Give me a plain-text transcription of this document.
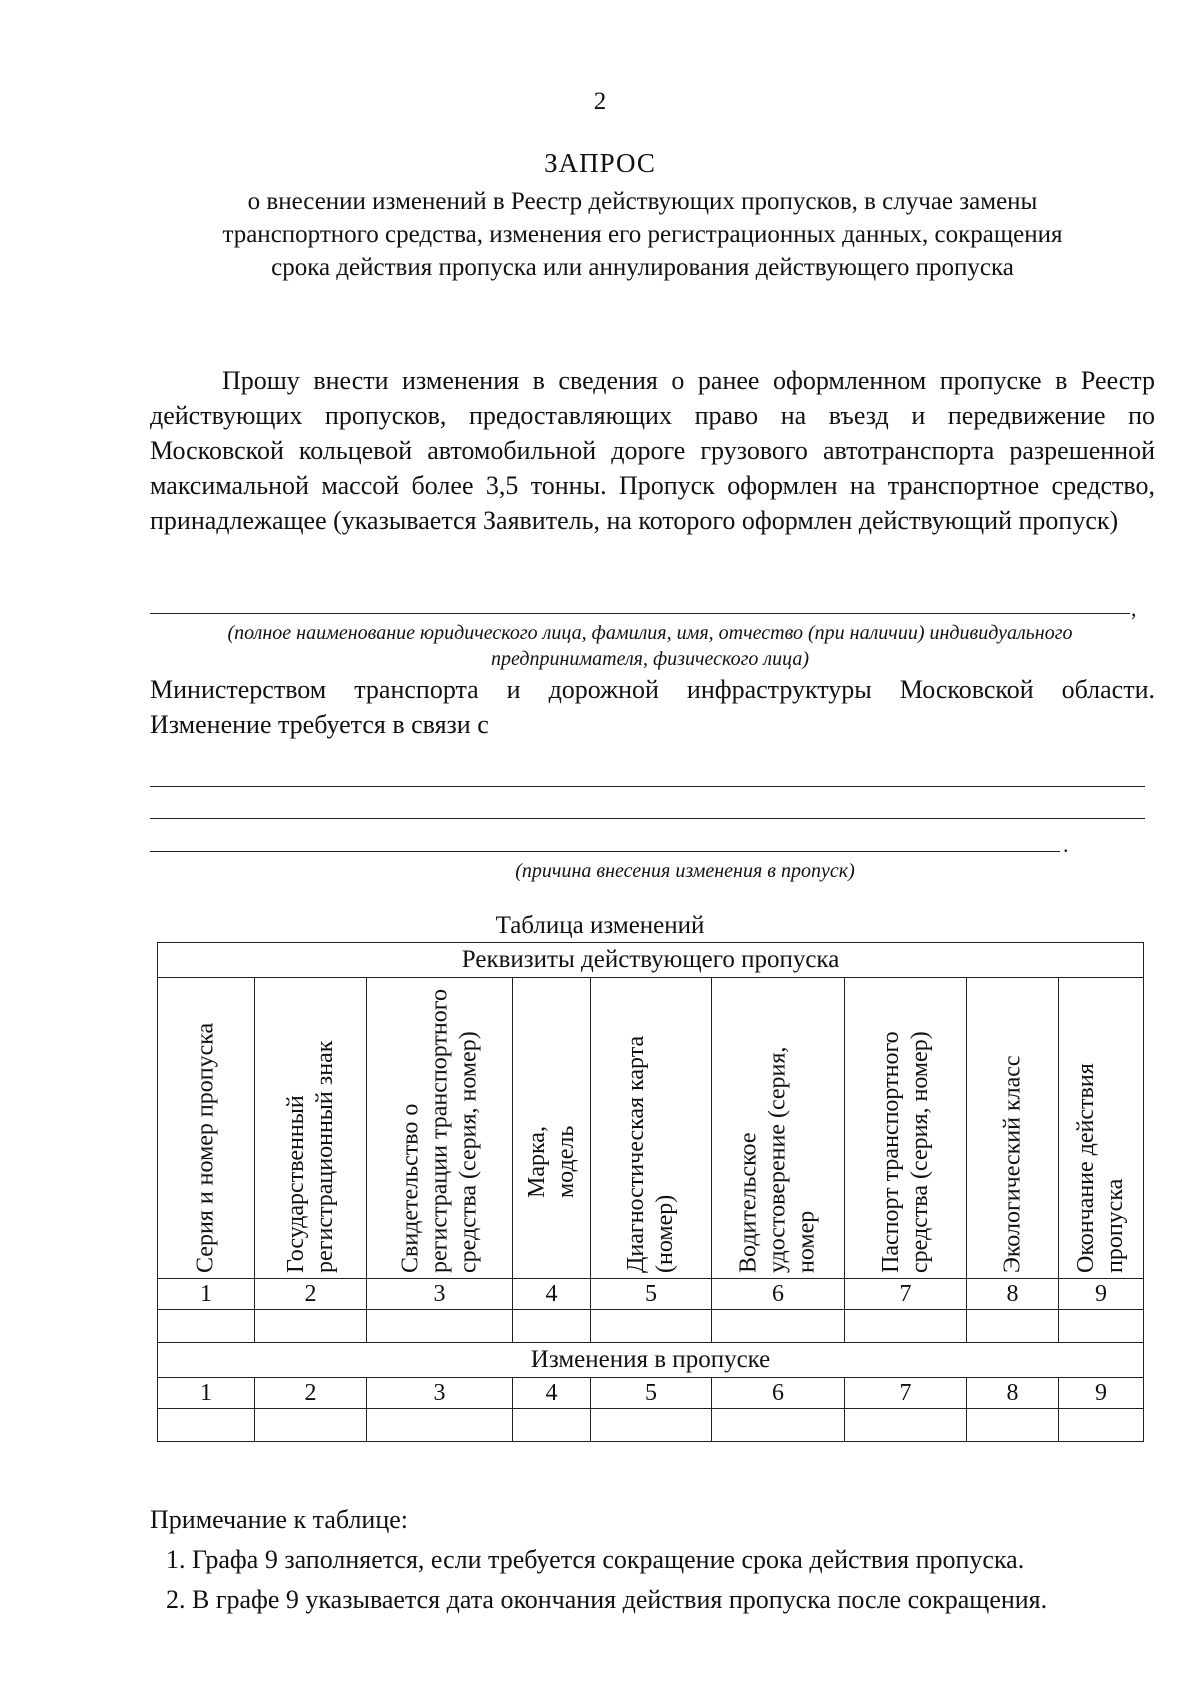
2
ЗАПРОС
о внесении изменений в Реестр действующих пропусков, в случае замены
транспортного средства, изменения его регистрационных данных, сокращения
срока действия пропуска или аннулирования действующего пропуска

Прошу внести изменения в сведения о ранее оформленном пропуске в Реестр действующих пропусков, предоставляющих право на въезд и передвижение по Московской кольцевой автомобильной дороге грузового автотранспорта разрешенной максимальной массой более 3,5 тонны. Пропуск оформлен на транспортное средство, принадлежащее (указывается Заявитель, на которого оформлен действующий пропуск)

,
(полное наименование юридического лица, фамилия, имя, отчество (при наличии) индивидуального предпринимателя, физического лица)
Министерством транспорта и дорожной инфраструктуры Московской области.
Изменение требуется в связи с
.
(причина внесения изменения в пропуск)
Таблица изменений
Реквизиты действующего пропуска								

Серия и номер пропуска	Государственный регистрационный знак	Свидетельство о регистрации транспортного средства (серия, номер)	Марка, модель	Диагностическая карта (номер)	Водительское удостоверение (серия, номер	Паспорт транспортного средства (серия, номер)	Экологический класс	Окончание действия пропуска

1	2	3	4	5	6	7	8	9

Изменения в пропуске								
1	2	3	4	5	6	7	8	9

Примечание к таблице:
1. Графа 9 заполняется, если требуется сокращение срока действия пропуска.
2. В графе 9 указывается дата окончания действия пропуска после сокращения.
